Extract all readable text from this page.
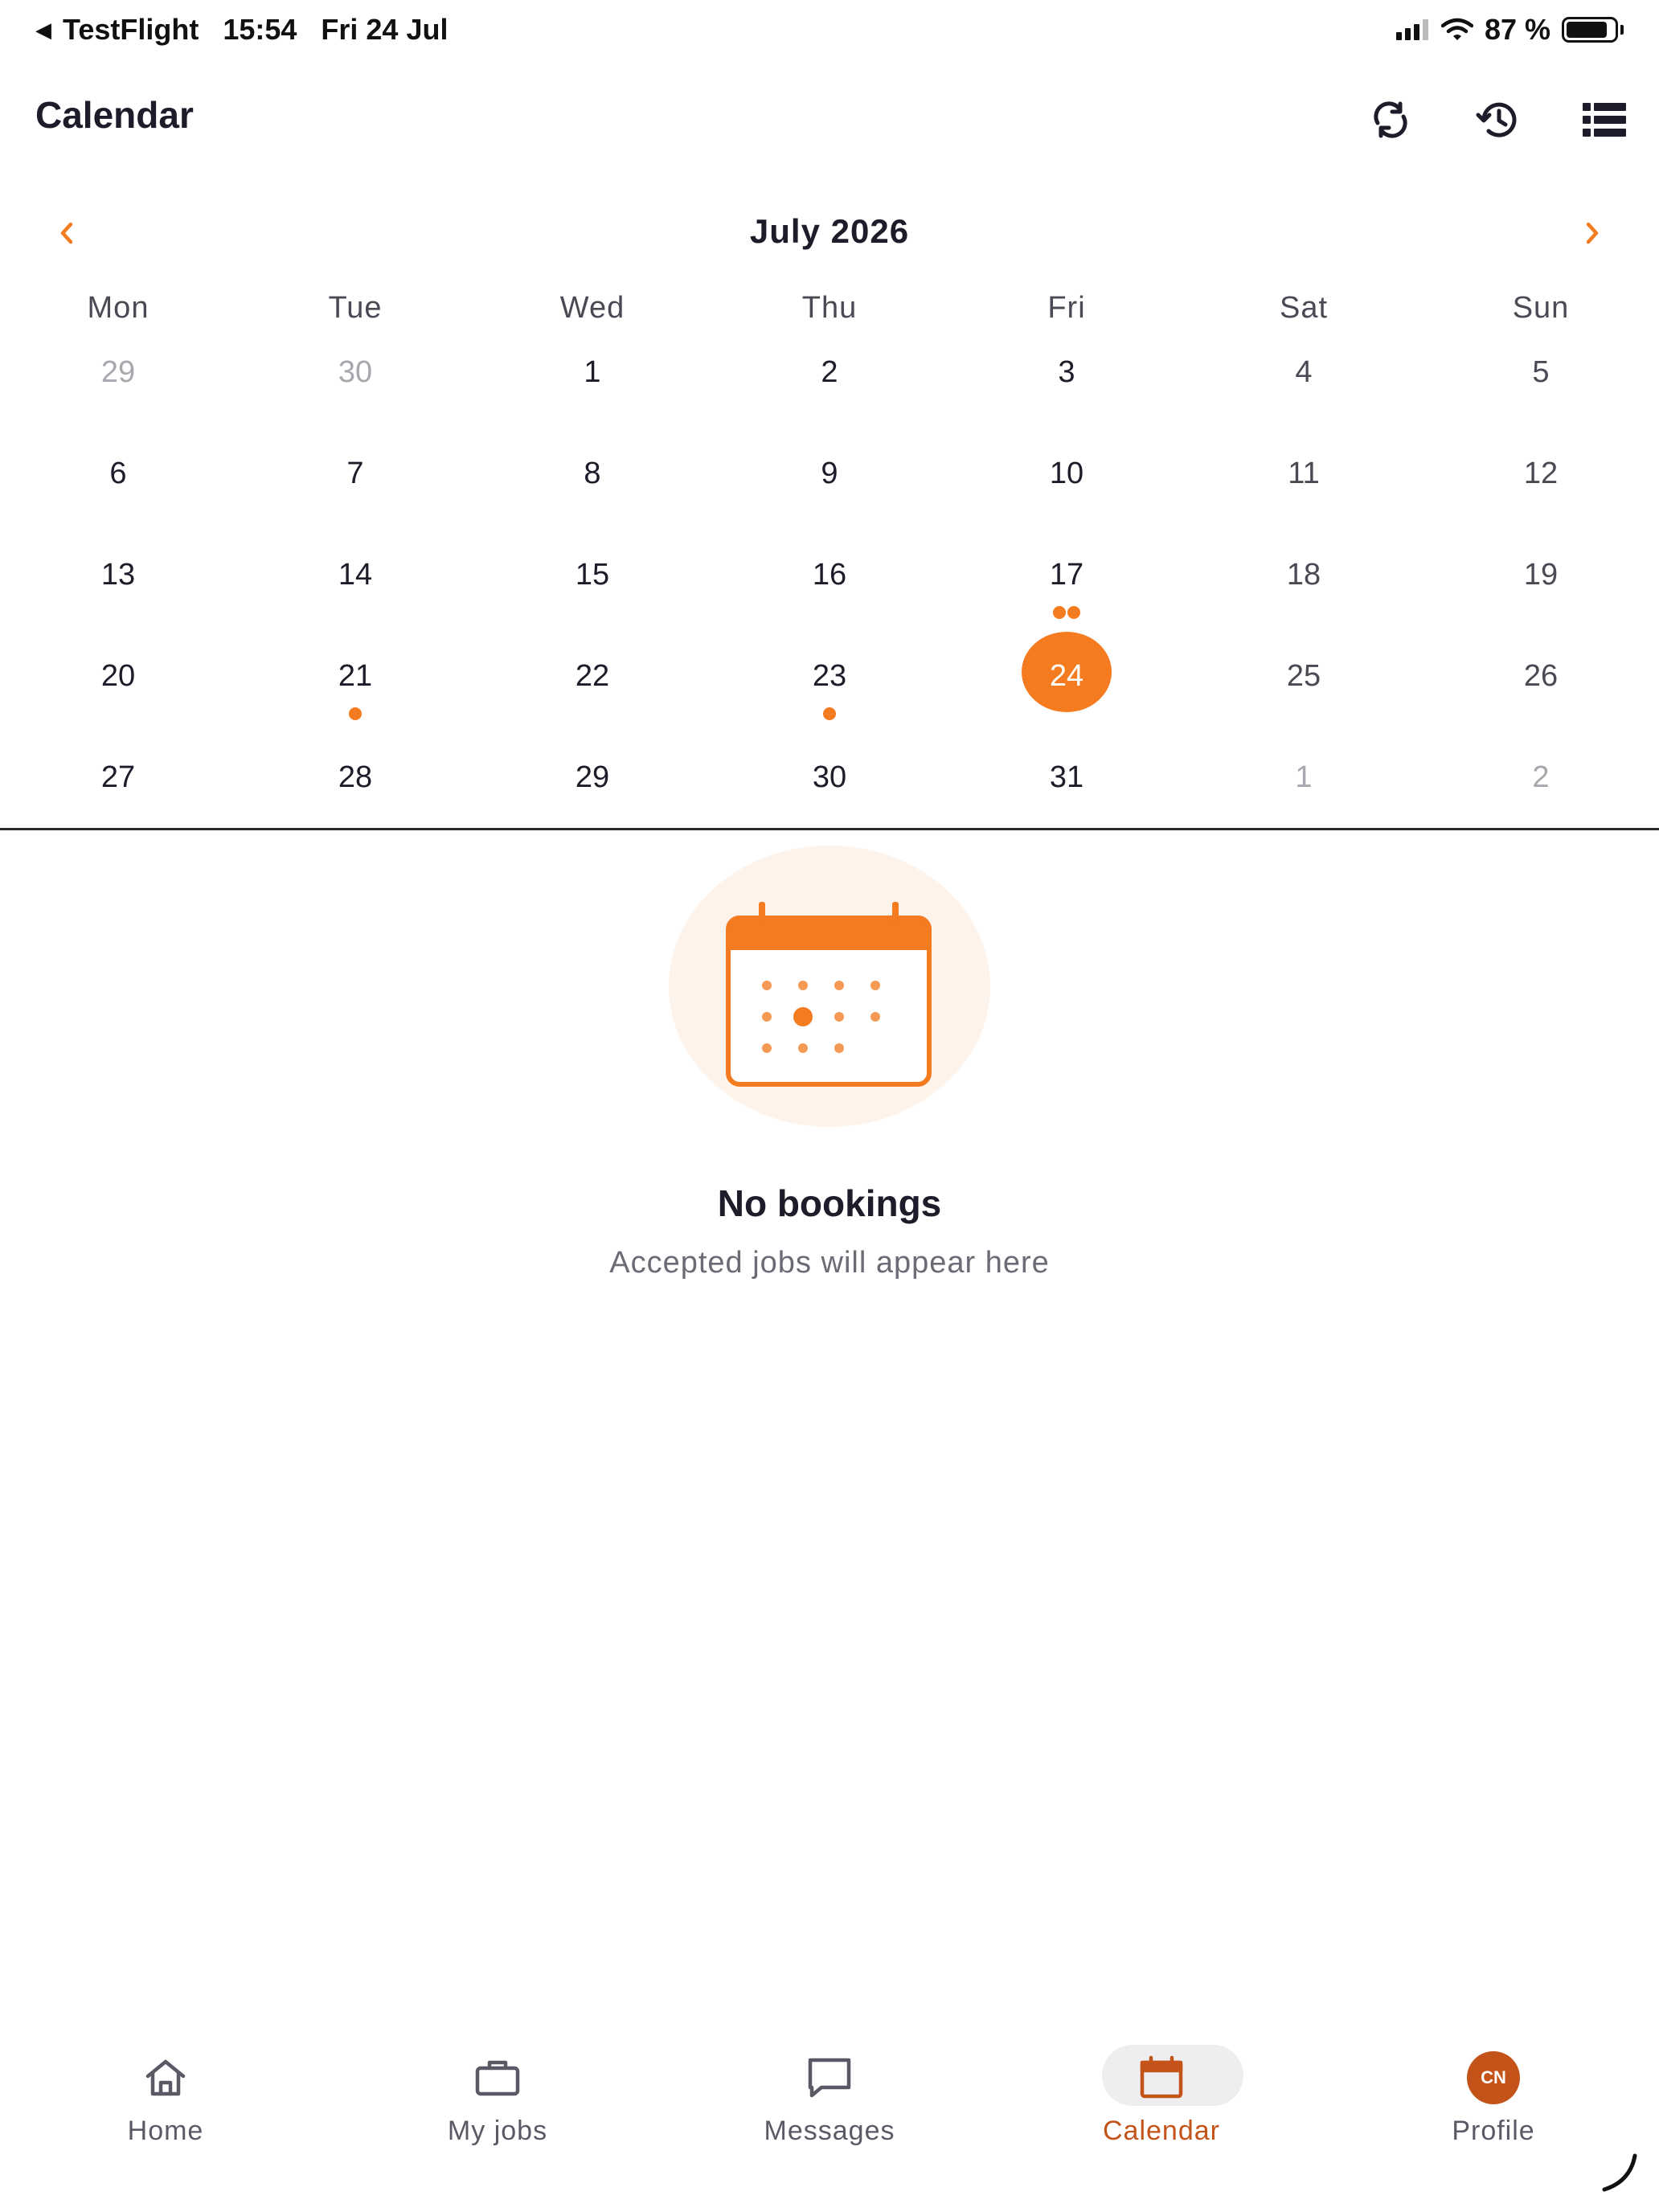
◀ TestFlight 15:54 Fri 24 Jul	87 %
Calendar
July 2026
Mon	Tue	Wed	Thu	Fri	Sat	Sun
29	30	1	2	3	4	5
6	7	8	9	10	11	12
13	14	15	16	17	18	19
20	21	22	23	24	25	26
27	28	29	30	31	1	2
No bookings
Accepted jobs will appear here
Home	My jobs	Messages	Calendar
CN
Profile
